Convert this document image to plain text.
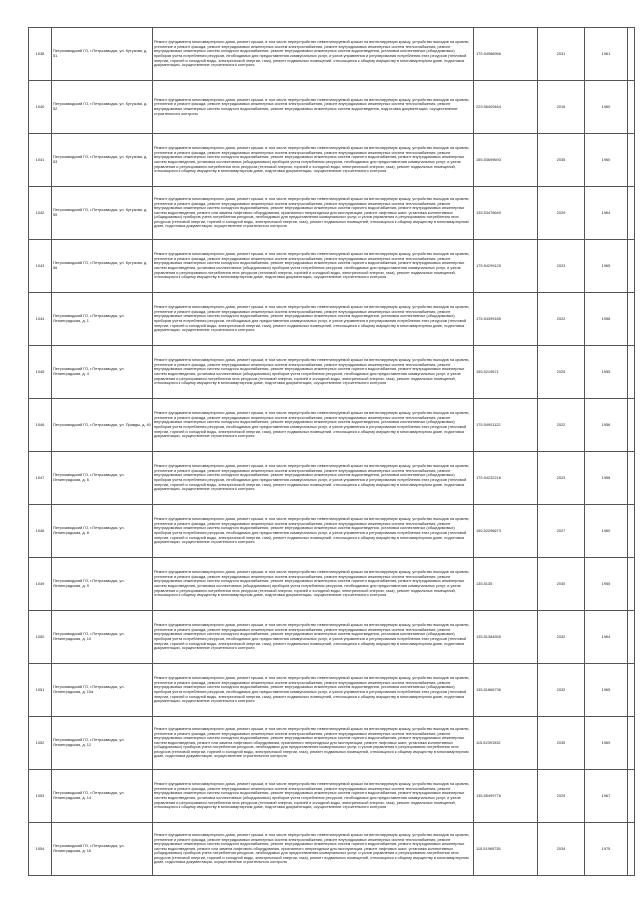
1038	Петрозаводский ГО, г.Петрозаводск, ул. Кутузова, д. 51	Ремонт фундамента многоквартирного дома, ремонт крыши, в том числе переустройство невентилируемой крыши на вентилируемую крышу, устройство выходов на кровлю, утепление и ремонт фасада, ремонт внутридомовых инженерных систем электроснабжения, ремонт внутридомовых инженерных систем теплоснабжения, ремонт внутридомовых инженерных систем холодного водоснабжения, ремонт внутридомовых инженерных систем водоотведения, установка коллективных (общедомовых) приборов учета потребления ресурсов, необходимых для предоставления коммунальных услуг, и узлов управления и регулирования потребления этих ресурсов (тепловой энергии, горячей и холодной воды, электрической энергии, газа), ремонт подвальных помещений, относящихся к общему имуществу в многоквартирном доме, подготовка документации, осуществление строительного контроля	175.54986966	2031	1961	
1040	Петрозаводский ГО, г.Петрозаводск, ул. Кутузова, д. 52	Ремонт фундамента многоквартирного дома, ремонт крыши, в том числе переустройство невентилируемой крыши на вентилируемую крышу, устройство выходов на кровлю, утепление и ремонт фасада, ремонт внутридомовых инженерных систем электроснабжения, ремонт внутридомовых инженерных систем теплоснабжения, ремонт внутридомовых инженерных систем холодного водоснабжения, ремонт внутридомовых инженерных систем водоотведения, подготовка документации, осуществление строительного контроля	229.56409464	2016	1960	
1041	Петрозаводский ГО, г.Петрозаводск, ул. Кутузова, д. 53	Ремонт фундамента многоквартирного дома, ремонт крыши, в том числе переустройство невентилируемой крыши на вентилируемую крышу, устройство выходов на кровлю, утепление и ремонт фасада, ремонт внутридомовых инженерных систем электроснабжения, ремонт внутридомовых инженерных систем теплоснабжения, ремонт внутридомовых инженерных систем холодного водоснабжения, ремонт внутридомовых инженерных систем горячего водоснабжения, ремонт внутридомовых инженерных систем водоотведения, установка коллективных (общедомовых) приборов учета потребления ресурсов, необходимых для предоставления коммунальных услуг, и узлов управления и регулирования потребления этих ресурсов (тепловой энергии, горячей и холодной воды, электрической энергии, газа), ремонт подвальных помещений, относящихся к общему имуществу в многоквартирном доме, подготовка документации, осуществление строительного контроля	155.53699693	2035	1960	
1042	Петрозаводский ГО, г.Петрозаводск, ул. Кутузова, д. 55	Ремонт фундамента многоквартирного дома, ремонт крыши, в том числе переустройство невентилируемой крыши на вентилируемую крышу, устройство выходов на кровлю, утепление и ремонт фасада, ремонт внутридомовых инженерных систем электроснабжения, ремонт внутридомовых инженерных систем теплоснабжения, ремонт внутридомовых инженерных систем холодного водоснабжения, ремонт внутридомовых инженерных систем горячего водоснабжения, ремонт внутридомовых инженерных систем водоотведения, ремонт или замена лифтового оборудования, признанного непригодным для эксплуатации, ремонт лифтовых шахт, установка коллективных (общедомовых) приборов учета потребления ресурсов, необходимых для предоставления коммунальных услуг, и узлов управления и регулирования потребления этих ресурсов (тепловой энергии, горячей и холодной воды, электрической энергии, газа), ремонт подвальных помещений, относящихся к общему имуществу в многоквартирном доме, подготовка документации, осуществление строительного контроля	135.53476649	2029	1964	
1043	Петрозаводский ГО, г.Петрозаводск, ул. Кутузова, д. 56	Ремонт фундамента многоквартирного дома, ремонт крыши, в том числе переустройство невентилируемой крыши на вентилируемую крышу, устройство выходов на кровлю, утепление и ремонт фасада, ремонт внутридомовых инженерных систем электроснабжения, ремонт внутридомовых инженерных систем теплоснабжения, ремонт внутридомовых инженерных систем холодного водоснабжения, ремонт внутридомовых инженерных систем горячего водоснабжения, ремонт внутридомовых инженерных систем водоотведения, установка коллективных (общедомовых) приборов учета потребления ресурсов, необходимых для предоставления коммунальных услуг, и узлов управления и регулирования потребления этих ресурсов (тепловой энергии, горячей и холодной воды, электрической энергии, газа), ремонт подвальных помещений, относящихся к общему имуществу в многоквартирном доме, подготовка документации, осуществление строительного контроля	175.54299125	2023	1965	
1044	Петрозаводский ГО, г.Петрозаводск, ул. Ленинградская, д. 1	Ремонт фундамента многоквартирного дома, ремонт крыши, в том числе переустройство невентилируемой крыши на вентилируемую крышу, устройство выходов на кровлю, утепление и ремонт фасада, ремонт внутридомовых инженерных систем электроснабжения, ремонт внутридомовых инженерных систем теплоснабжения, ремонт внутридомовых инженерных систем холодного водоснабжения, ремонт внутридомовых инженерных систем водоотведения, установка коллективных (общедомовых) приборов учета потребления ресурсов, необходимых для предоставления коммунальных услуг, и узлов управления и регулирования потребления этих ресурсов (тепловой энергии, горячей и холодной воды, электрической энергии, газа), ремонт подвальных помещений, относящихся к общему имуществу в многоквартирном доме, подготовка документации, осуществление строительного контроля	175.54399185	2022	1958	
1045	Петрозаводский ГО, г.Петрозаводск, ул. Ленинградская, д. 4	Ремонт фундамента многоквартирного дома, ремонт крыши, в том числе переустройство невентилируемой крыши на вентилируемую крышу, устройство выходов на кровлю, утепление и ремонт фасада, ремонт внутридомовых инженерных систем электроснабжения, ремонт внутридомовых инженерных систем теплоснабжения, ремонт внутридомовых инженерных систем холодного водоснабжения, ремонт внутридомовых инженерных систем горячего водоснабжения, ремонт внутридомовых инженерных систем водоотведения, установка коллективных (общедомовых) приборов учета потребления ресурсов, необходимых для предоставления коммунальных услуг, и узлов управления и регулирования потребления этих ресурсов (тепловой энергии, горячей и холодной воды, электрической энергии, газа), ремонт подвальных помещений, относящихся к общему имуществу в многоквартирном доме, подготовка документации, осуществление строительного контроля	155.5219671	2025	1955	
1046	Петрозаводский ГО, г.Петрозаводск, ул. Правды, д. 40	Ремонт фундамента многоквартирного дома, ремонт крыши, в том числе переустройство невентилируемой крыши на вентилируемую крышу, устройство выходов на кровлю, утепление и ремонт фасада, ремонт внутридомовых инженерных систем электроснабжения, ремонт внутридомовых инженерных систем теплоснабжения, ремонт внутридомовых инженерных систем холодного водоснабжения, ремонт внутридомовых инженерных систем водоотведения, установка коллективных (общедомовых) приборов учета потребления ресурсов, необходимых для предоставления коммунальных услуг, и узлов управления и регулирования потребления этих ресурсов (тепловой энергии, горячей и холодной воды, электрической энергии, газа), ремонт подвальных помещений, относящихся к общему имуществу в многоквартирном доме, подготовка документации, осуществление строительного контроля	175.54901122	2022	1956	
1047	Петрозаводский ГО, г.Петрозаводск, ул. Ленинградская, д. 6	Ремонт фундамента многоквартирного дома, ремонт крыши, в том числе переустройство невентилируемой крыши на вентилируемую крышу, устройство выходов на кровлю, утепление и ремонт фасада, ремонт внутридомовых инженерных систем электроснабжения, ремонт внутридомовых инженерных систем теплоснабжения, ремонт внутридомовых инженерных систем холодного водоснабжения, ремонт внутридомовых инженерных систем водоотведения, установка коллективных (общедомовых) приборов учета потребления ресурсов, необходимых для предоставления коммунальных услуг, и узлов управления и регулирования потребления этих ресурсов (тепловой энергии, горячей и холодной воды, электрической энергии, газа), ремонт подвальных помещений, относящихся к общему имуществу в многоквартирном доме, подготовка документации, осуществление строительного контроля	175.54232218	2023	1958	
1048	Петрозаводский ГО, г.Петрозаводск, ул. Ленинградская, д. 8	Ремонт фундамента многоквартирного дома, ремонт крыши, в том числе переустройство невентилируемой крыши на вентилируемую крышу, устройство выходов на кровлю, утепление и ремонт фасада, ремонт внутридомовых инженерных систем электроснабжения, ремонт внутридомовых инженерных систем теплоснабжения, ремонт внутридомовых инженерных систем холодного водоснабжения, ремонт внутридомовых инженерных систем водоотведения, установка коллективных (общедомовых) приборов учета потребления ресурсов, необходимых для предоставления коммунальных услуг, и узлов управления и регулирования потребления этих ресурсов (тепловой энергии, горячей и холодной воды, электрической энергии, газа), ремонт подвальных помещений, относящихся к общему имуществу в многоквартирном доме, подготовка документации, осуществление строительного контроля	155.52296673	2027	1960	
1049	Петрозаводский ГО, г.Петрозаводск, ул. Ленинградская, д. 9	Ремонт фундамента многоквартирного дома, ремонт крыши, в том числе переустройство невентилируемой крыши на вентилируемую крышу, устройство выходов на кровлю, утепление и ремонт фасада, ремонт внутридомовых инженерных систем электроснабжения, ремонт внутридомовых инженерных систем теплоснабжения, ремонт внутридомовых инженерных систем холодного водоснабжения, ремонт внутридомовых инженерных систем горячего водоснабжения, ремонт внутридомовых инженерных систем водоотведения, установка коллективных (общедомовых) приборов учета потребления ресурсов, необходимых для предоставления коммунальных услуг, и узлов управления и регулирования потребления этих ресурсов (тепловой энергии, горячей и холодной воды, электрической энергии, газа), ремонт подвальных помещений, относящихся к общему имуществу в многоквартирном доме, подготовка документации, осуществление строительного контроля	135.5135	2030	1955	
1050	Петрозаводский ГО, г.Петрозаводск, ул. Ленинградская, д. 10	Ремонт фундамента многоквартирного дома, ремонт крыши, в том числе переустройство невентилируемой крыши на вентилируемую крышу, устройство выходов на кровлю, утепление и ремонт фасада, ремонт внутридомовых инженерных систем электроснабжения, ремонт внутридомовых инженерных систем теплоснабжения, ремонт внутридомовых инженерных систем холодного водоснабжения, ремонт внутридомовых инженерных систем водоотведения, установка коллективных (общедомовых) приборов учета потребления ресурсов, необходимых для предоставления коммунальных услуг, и узлов управления и регулирования потребления этих ресурсов (тепловой энергии, горячей и холодной воды, электрической энергии, газа), ремонт подвальных помещений, относящихся к общему имуществу в многоквартирном доме, подготовка документации, осуществление строительного контроля	135.51384555	2032	1964	
1051	Петрозаводский ГО, г.Петрозаводск, ул. Ленинградская, д. 10а	Ремонт фундамента многоквартирного дома, ремонт крыши, в том числе переустройство невентилируемой крыши на вентилируемую крышу, устройство выходов на кровлю, утепление и ремонт фасада, ремонт внутридомовых инженерных систем электроснабжения, ремонт внутридомовых инженерных систем теплоснабжения, ремонт внутридомовых инженерных систем холодного водоснабжения, ремонт внутридомовых инженерных систем водоотведения, установка коллективных (общедомовых) приборов учета потребления ресурсов, необходимых для предоставления коммунальных услуг, и узлов управления и регулирования потребления этих ресурсов (тепловой энергии, горячей и холодной воды, электрической энергии, газа), ремонт подвальных помещений, относящихся к общему имуществу в многоквартирном доме, подготовка документации, осуществление строительного контроля	135.51866736	2032	1965	
1052	Петрозаводский ГО, г.Петрозаводск, ул. Ленинградская, д. 12	Ремонт фундамента многоквартирного дома, ремонт крыши, в том числе переустройство невентилируемой крыши на вентилируемую крышу, устройство выходов на кровлю, утепление и ремонт фасада, ремонт внутридомовых инженерных систем электроснабжения, ремонт внутридомовых инженерных систем теплоснабжения, ремонт внутридомовых инженерных систем холодного водоснабжения, ремонт внутридомовых инженерных систем горячего водоснабжения, ремонт внутридомовых инженерных систем водоотведения, ремонт или замена лифтового оборудования, признанного непригодным для эксплуатации, ремонт лифтовых шахт, установка коллективных (общедомовых) приборов учета потребления ресурсов, необходимых для предоставления коммунальных услуг, и узлов управления и регулирования потребления этих ресурсов (тепловой энергии, горячей и холодной воды, электрической энергии, газа), ремонт подвальных помещений, относящихся к общему имуществу в многоквартирном доме, подготовка документации, осуществление строительного контроля	115.52391532	2035	1969	
1053	Петрозаводский ГО, г.Петрозаводск, ул. Ленинградская, д. 14	Ремонт фундамента многоквартирного дома, ремонт крыши, в том числе переустройство невентилируемой крыши на вентилируемую крышу, устройство выходов на кровлю, утепление и ремонт фасада, ремонт внутридомовых инженерных систем электроснабжения, ремонт внутридомовых инженерных систем теплоснабжения, ремонт внутридомовых инженерных систем холодного водоснабжения, ремонт внутридомовых инженерных систем горячего водоснабжения, ремонт внутридомовых инженерных систем водоотведения, установка коллективных (общедомовых) приборов учета потребления ресурсов, необходимых для предоставления коммунальных услуг, и узлов управления и регулирования потребления этих ресурсов (тепловой энергии, горячей и холодной воды, электрической энергии, газа), ремонт подвальных помещений, относящихся к общему имуществу в многоквартирном доме, подготовка документации, осуществление строительного контроля	135.55499776	2029	1967	
1054	Петрозаводский ГО, г.Петрозаводск, ул. Ленинградская, д. 16	Ремонт фундамента многоквартирного дома, ремонт крыши, в том числе переустройство невентилируемой крыши на вентилируемую крышу, устройство выходов на кровлю, утепление и ремонт фасада, ремонт внутридомовых инженерных систем электроснабжения, ремонт внутридомовых инженерных систем теплоснабжения, ремонт внутридомовых инженерных систем холодного водоснабжения, ремонт внутридомовых инженерных систем горячего водоснабжения, ремонт внутридомовых инженерных систем водоотведения, ремонт или замена лифтового оборудования, признанного непригодным для эксплуатации, ремонт лифтовых шахт, установка коллективных (общедомовых) приборов учета потребления ресурсов, необходимых для предоставления коммунальных услуг, и узлов управления и регулирования потребления этих ресурсов (тепловой энергии, горячей и холодной воды, электрической энергии, газа), ремонт подвальных помещений, относящихся к общему имуществу в многоквартирном доме, подготовка документации, осуществление строительного контроля	115.51989735	2034	1975	
